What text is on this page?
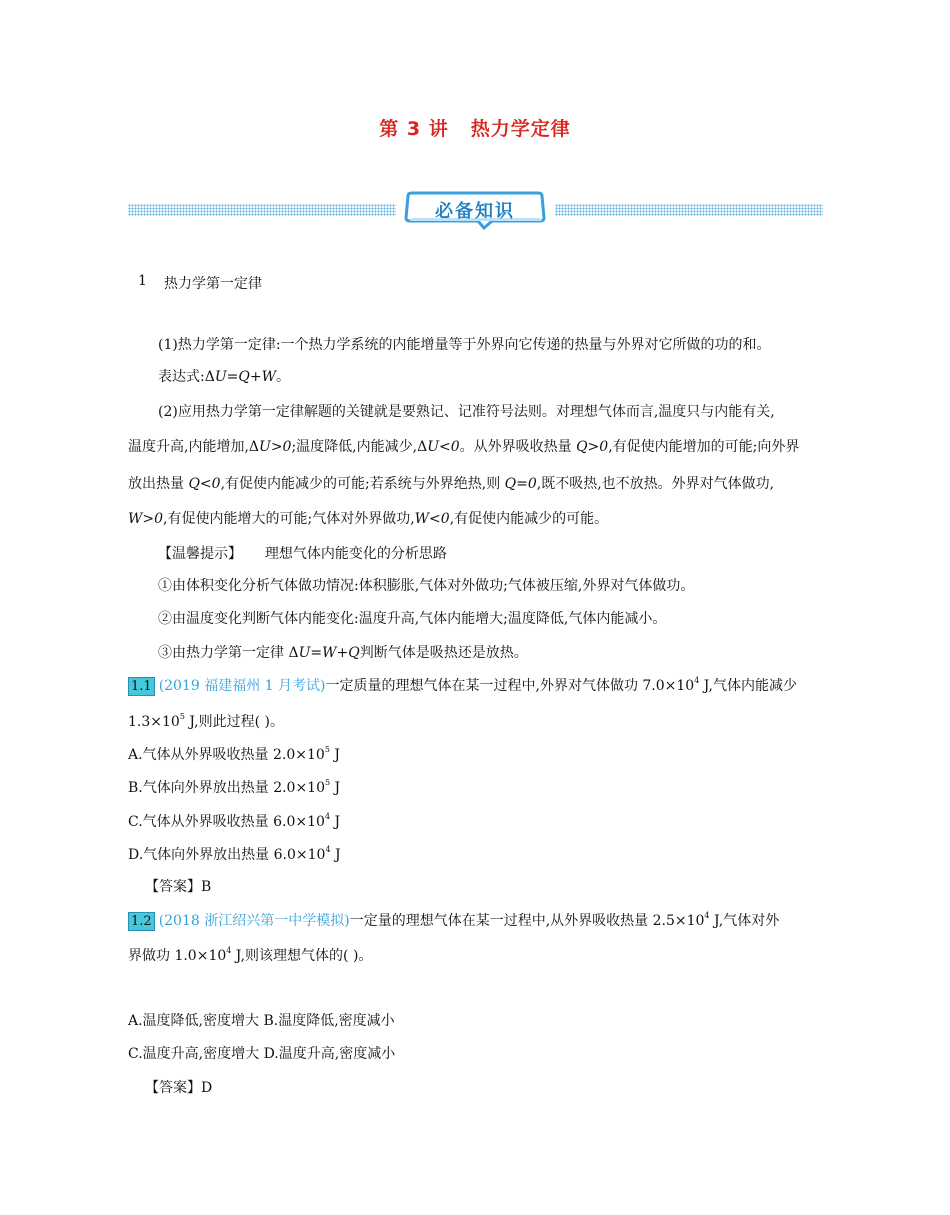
第 3 讲 热力学定律
必备知识
1 热力学第一定律
(1)热力学第一定律:一个热力学系统的内能增量等于外界向它传递的热量与外界对它所做的功的和。
表达式:ΔU=Q+W。
(2)应用热力学第一定律解题的关键就是要熟记、记准符号法则。对理想气体而言,温度只与内能有关,
温度升高,内能增加,ΔU>0;温度降低,内能减少,ΔU<0。从外界吸收热量 Q>0,有促使内能增加的可能;向外界
放出热量 Q<0,有促使内能减少的可能;若系统与外界绝热,则 Q=0,既不吸热,也不放热。外界对气体做功,
W>0,有促使内能增大的可能;气体对外界做功,W<0,有促使内能减少的可能。
【温馨提示】 理想气体内能变化的分析思路
①由体积变化分析气体做功情况:体积膨胀,气体对外做功;气体被压缩,外界对气体做功。
②由温度变化判断气体内能变化:温度升高,气体内能增大;温度降低,气体内能减小。
③由热力学第一定律 ΔU=W+Q判断气体是吸热还是放热。
1.1 (2019 福建福州 1 月考试)一定质量的理想气体在某一过程中,外界对气体做功 $7.0\times 10^4$ J,气体内能减少
$1.3\times 10^5$ J,则此过程( )。
A.气体从外界吸收热量 $2.0\times 10^5$ J
B.气体向外界放出热量 $2.0\times 10^5$ J
C.气体从外界吸收热量 $6.0\times 10^4$ J
D.气体向外界放出热量 $6.0\times 10^4$ J
【答案】B
1.2 (2018 浙江绍兴第一中学模拟)一定量的理想气体在某一过程中,从外界吸收热量 $2.5\times 10^4$ J,气体对外
界做功 $1.0\times 10^4$ J,则该理想气体的( )。
A.温度降低,密度增大 B.温度降低,密度减小
C.温度升高,密度增大 D.温度升高,密度减小
【答案】D
